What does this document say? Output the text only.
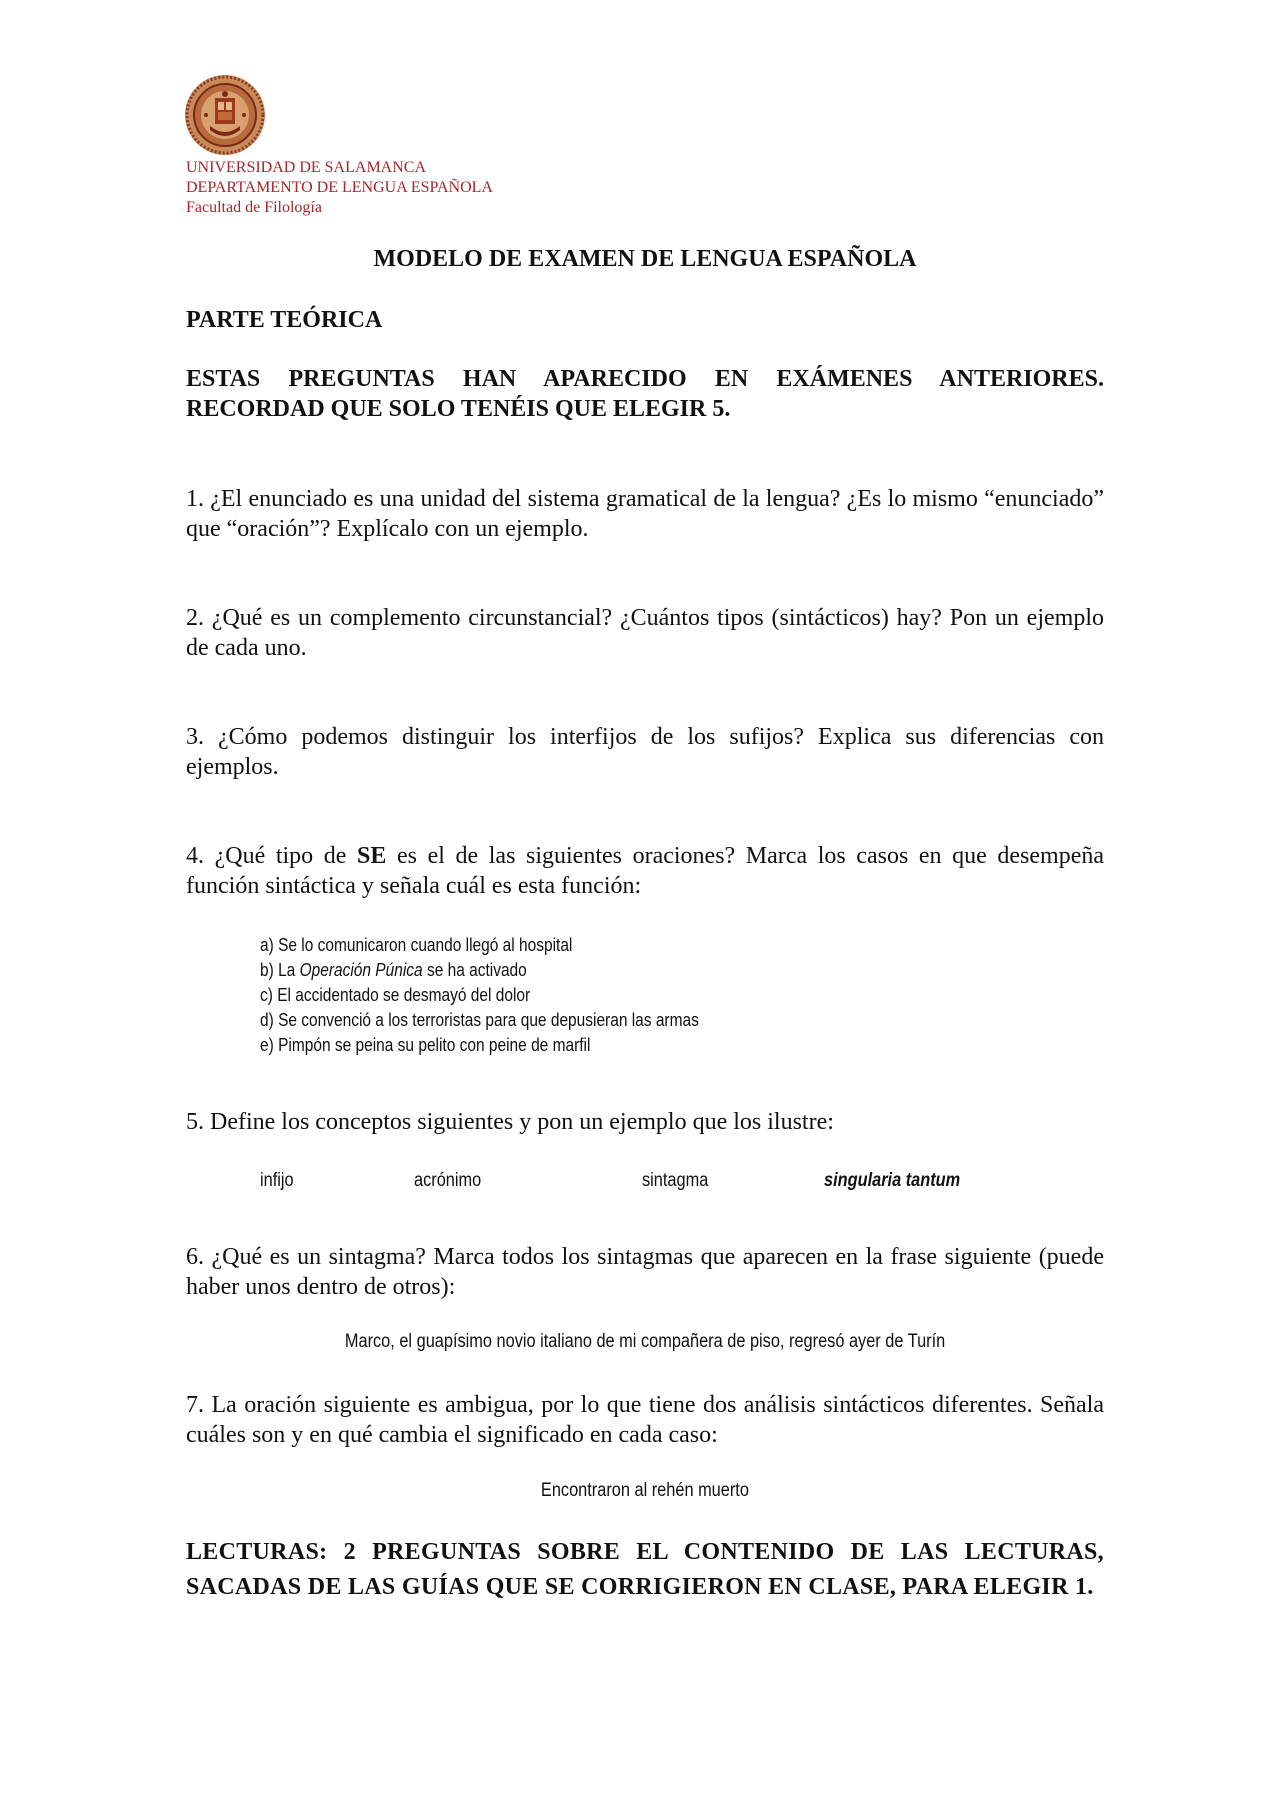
UNIVERSIDAD DE SALAMANCA
DEPARTAMENTO DE LENGUA ESPAÑOLA
Facultad de Filología
MODELO DE EXAMEN DE LENGUA ESPAÑOLA
PARTE TEÓRICA
ESTAS PREGUNTAS HAN APARECIDO EN EXÁMENES ANTERIORES. RECORDAD QUE SOLO TENÉIS QUE ELEGIR 5.
1. ¿El enunciado es una unidad del sistema gramatical de la lengua? ¿Es lo mismo “enunciado” que “oración”? Explícalo con un ejemplo.
2. ¿Qué es un complemento circunstancial? ¿Cuántos tipos (sintácticos) hay? Pon un ejemplo de cada uno.
3. ¿Cómo podemos distinguir los interfijos de los sufijos? Explica sus diferencias con ejemplos.
4. ¿Qué tipo de SE es el de las siguientes oraciones? Marca los casos en que desempeña función sintáctica y señala cuál es esta función:
a) Se lo comunicaron cuando llegó al hospital
b) La Operación Púnica se ha activado
c) El accidentado se desmayó del dolor
d) Se convenció a los terroristas para que depusieran las armas
e) Pimpón se peina su pelito con peine de marfil
5. Define los conceptos siguientes y pon un ejemplo que los ilustre:
infijo	acrónimo	sintagma	singularia tantum
6. ¿Qué es un sintagma? Marca todos los sintagmas que aparecen en la frase siguiente (puede haber unos dentro de otros):
Marco, el guapísimo novio italiano de mi compañera de piso, regresó ayer de Turín
7. La oración siguiente es ambigua, por lo que tiene dos análisis sintácticos diferentes. Señala cuáles son y en qué cambia el significado en cada caso:
Encontraron al rehén muerto
LECTURAS: 2 PREGUNTAS SOBRE EL CONTENIDO DE LAS LECTURAS, SACADAS DE LAS GUÍAS QUE SE CORRIGIERON EN CLASE, PARA ELEGIR 1.
